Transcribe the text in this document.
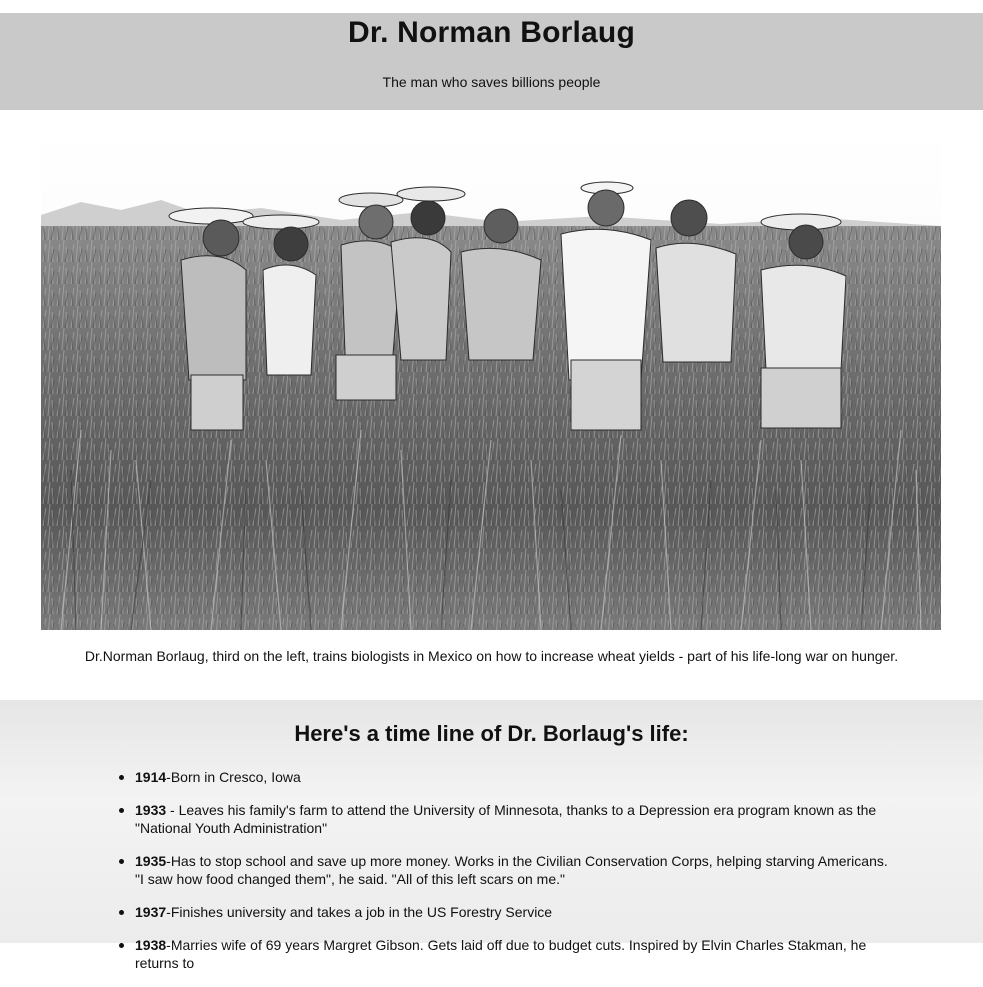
Dr. Norman Borlaug

The man who saves billions people

Dr.Norman Borlaug, third on the left, trains biologists in Mexico on how to increase wheat yields - part of his life-long war on hunger.
Here's a time line of Dr. Borlaug's life:
1914-Born in Cresco, Iowa
1933 - Leaves his family's farm to attend the University of Minnesota, thanks to a Depression era program known as the "National Youth Administration"
1935-Has to stop school and save up more money. Works in the Civilian Conservation Corps, helping starving Americans. "I saw how food changed them", he said. "All of this left scars on me."
1937-Finishes university and takes a job in the US Forestry Service
1938-Marries wife of 69 years Margret Gibson. Gets laid off due to budget cuts. Inspired by Elvin Charles Stakman, he returns to
